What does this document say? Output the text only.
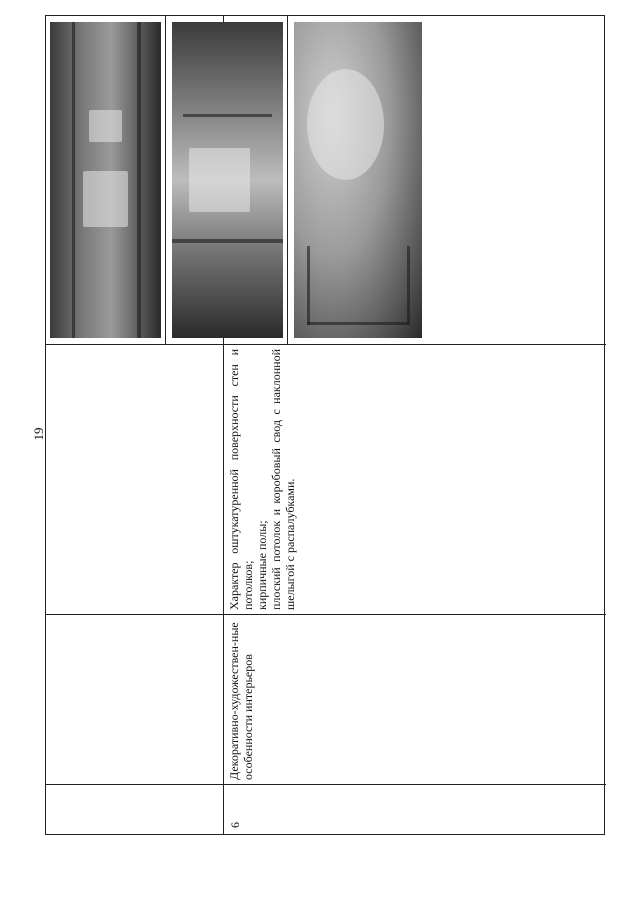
19
6
Декоративно-художествен-ные особенности интерьеров
Характер оштукатуренной поверхности стен и потолков; кирпичные полы; плоский потолок и коробовый свод с наклонной шелыгой с распалубками.
